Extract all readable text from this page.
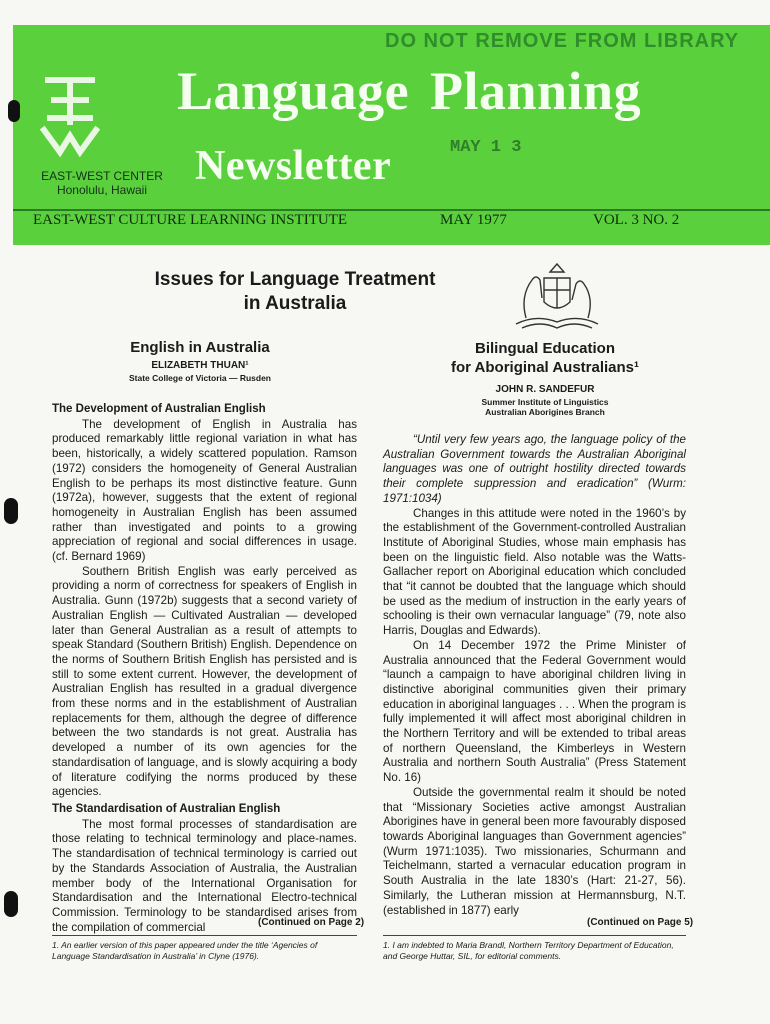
EAST-WEST CENTER
Honolulu, Hawaii
DO NOT REMOVE FROM LIBRARY
Language Planning
Newsletter	MAY 1 3
EAST-WEST CULTURE LEARNING INSTITUTE	MAY 1977	VOL. 3 NO. 2
Issues for Language Treatment
in Australia
English in Australia
ELIZABETH THUAN¹
State College of Victoria — Rusden
The Development of Australian English

The development of English in Australia has produced remarkably little regional variation in what has been, historically, a widely scattered population. Ramson (1972) considers the homogeneity of General Australian English to be perhaps its most distinctive feature. Gunn (1972a), however, suggests that the extent of regional homogeneity in Australian English has been assumed rather than investigated and points to a growing appreciation of regional and social differences in usage. (cf. Bernard 1969)

Southern British English was early perceived as providing a norm of correctness for speakers of English in Australia. Gunn (1972b) suggests that a second variety of Australian English — Cultivated Australian — developed later than General Australian as a result of attempts to speak Standard (Southern British) English. Dependence on the norms of Southern British English has persisted and is still to some extent current. However, the development of Australian English has resulted in a gradual divergence from these norms and in the establishment of Australian replacements for them, although the degree of difference between the two standards is not great. Australia has developed a number of its own agencies for the standardisation of language, and is slowly acquiring a body of literature codifying the norms produced by these agencies.

The Standardisation of Australian English

The most formal processes of standardisation are those relating to technical terminology and place-names. The standardisation of technical terminology is carried out by the Standards Association of Australia, the Australian member body of the International Organisation for Standardisation and the International Electro-technical Commission. Terminology to be standardised arises from the compilation of commercial	(Continued on Page 2)
1. An earlier version of this paper appeared under the title ‘Agencies of Language Standardisation in Australia’ in Clyne (1976).
Bilingual Education
for Aboriginal Australians¹
JOHN R. SANDEFUR
Summer Institute of Linguistics
Australian Aborigines Branch

“Until very few years ago, the language policy of the Australian Government towards the Australian Aboriginal languages was one of outright hostility directed towards their complete suppression and eradication” (Wurm: 1971:1034)

Changes in this attitude were noted in the 1960’s by the establishment of the Government-controlled Australian Institute of Aboriginal Studies, whose main emphasis has been on the linguistic field. Also notable was the Watts-Gallacher report on Aboriginal education which concluded that “it cannot be doubted that the language which should be used as the medium of instruction in the early years of schooling is their own vernacular language” (79, note also Harris, Douglas and Edwards).

On 14 December 1972 the Prime Minister of Australia announced that the Federal Government would “launch a campaign to have aboriginal children living in distinctive aboriginal communities given their primary education in aboriginal languages . . . When the program is fully implemented it will affect most aboriginal children in the Northern Territory and will be extended to tribal areas of northern Queensland, the Kimberleys in Western Australia and northern South Australia” (Press Statement No. 16)

Outside the governmental realm it should be noted that “Missionary Societies active amongst Australian Aborigines have in general been more favourably disposed towards Aboriginal languages than Government agencies” (Wurm 1971:1035). Two missionaries, Schurmann and Teichelmann, started a vernacular education program in South Australia in the late 1830’s (Hart: 21-27, 56). Similarly, the Lutheran mission at Hermannsburg, N.T. (established in 1877) early

(Continued on Page 5)
1. I am indebted to Maria Brandl, Northern Territory Department of Education, and George Huttar, SIL, for editorial comments.
